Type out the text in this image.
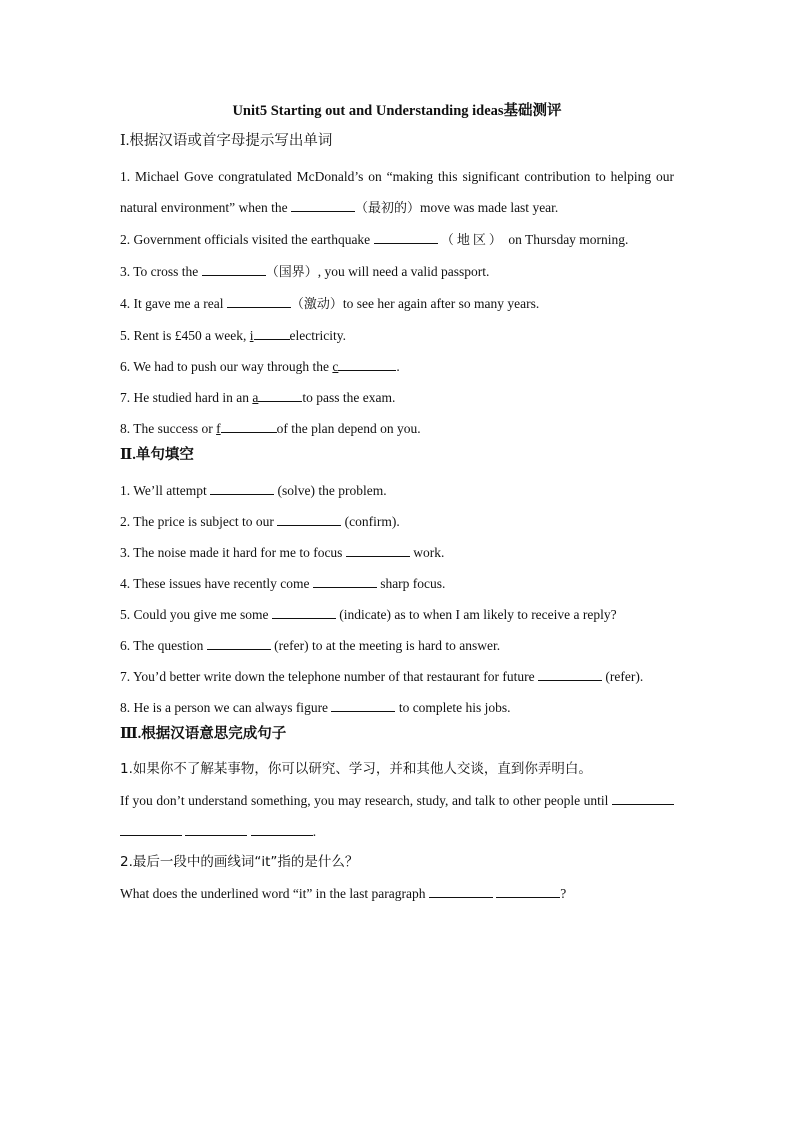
Unit5 Starting out and Understanding ideas基础测评
Ⅰ.根据汉语或首字母提示写出单词

1. Michael Gove congratulated McDonald’s on “making this significant contribution to helping our natural environment” when the	（最初的）move was made last year.

2. Government officials visited the earthquake	（地区） on Thursday morning.

3. To cross the	（国界）, you will need a valid passport.

4. It gave me a real	（激动）to see her again after so many years.

5. Rent is £450 a week, i	electricity.

6. We had to push our way through the c	.

7. He studied hard in an a	to pass the exam.

8. The success or f	of the plan depend on you.

Ⅱ.单句填空

1. We’ll attempt	(solve) the problem.

2. The price is subject to our	(confirm).

3. The noise made it hard for me to focus	work.

4. These issues have recently come	sharp focus.

5. Could you give me some	(indicate) as to when I am likely to receive a reply?

6. The question	(refer) to at the meeting is hard to answer.

7. You’d better write down the telephone number of that restaurant for future	(refer).

8. He is a person we can always figure	to complete his jobs.

Ⅲ.根据汉语意思完成句子

1.如果你不了解某事物，你可以研究、学习，并和其他人交谈，直到你弄明白。

If you don’t understand something, you may research, study, and talk to other people until    .

2.最后一段中的画线词“it”指的是什么？

What does the underlined word “it” in the last paragraph	?
